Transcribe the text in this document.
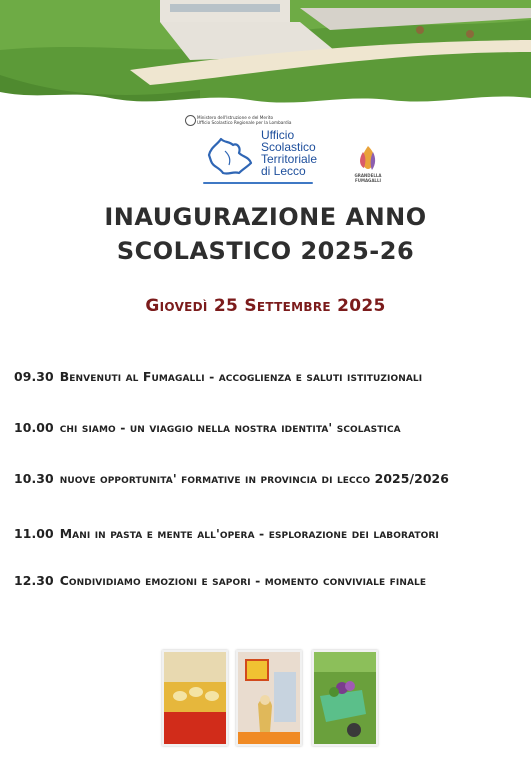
Ministero dell'Istruzione e del Merito
Ufficio Scolastico Regionale per la Lombardia
Ufficio
Scolastico
Territoriale
di Lecco	GRANDELLA
FUMAGALLI
INAUGURAZIONE ANNO
SCOLASTICO 2025-26
Giovedì 25 Settembre 2025
09.30 Benvenuti al Fumagalli - accoglienza e saluti istituzionali
10.00 chi siamo - un viaggio nella nostra identita' scolastica
10.30 nuove opportunita' formative in provincia di lecco 2025/2026
11.00 Mani in pasta e mente all'opera - esplorazione dei laboratori
12.30 Condividiamo emozioni e sapori - momento conviviale finale
